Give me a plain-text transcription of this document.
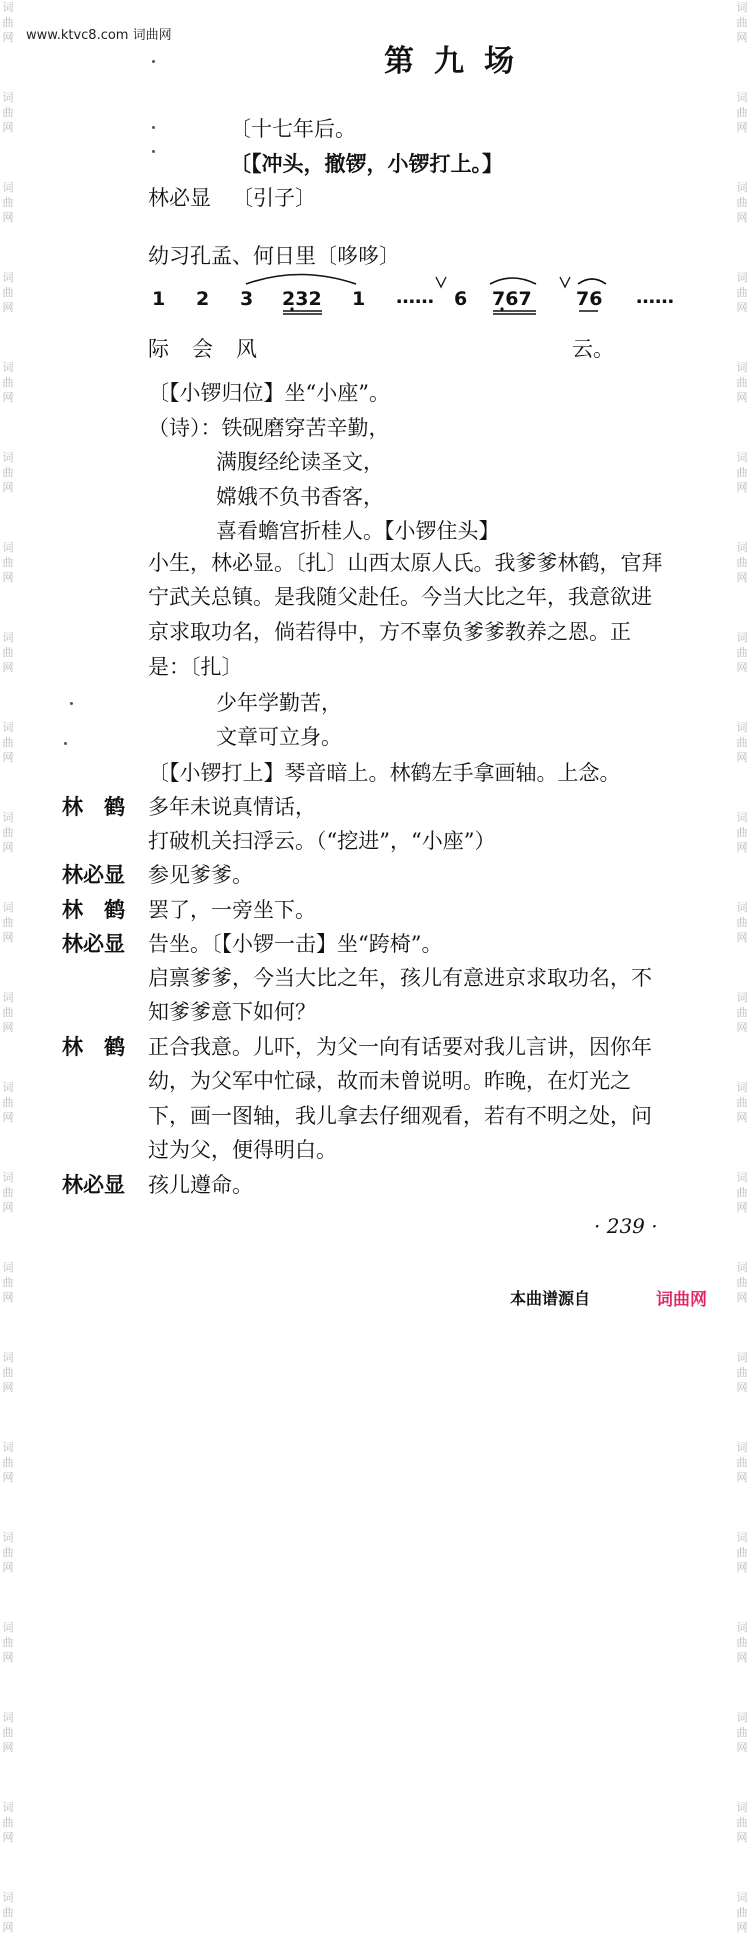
词
曲
网

词
曲
网

词
曲
网

词
曲
网

词
曲
网

词
曲
网

词
曲
网

词
曲
网

词
曲
网

词
曲
网

词
曲
网

词
曲
网

词
曲
网

词
曲
网

词
曲
网

词
曲
网

词
曲
网

词
曲
网

词
曲
网

词
曲
网

词
曲
网

词
曲
网
词
曲
网

词
曲
网

词
曲
网

词
曲
网

词
曲
网

词
曲
网

词
曲
网

词
曲
网

词
曲
网

词
曲
网

词
曲
网

词
曲
网

词
曲
网

词
曲
网

词
曲
网

词
曲
网

词
曲
网

词
曲
网

词
曲
网

词
曲
网

词
曲
网

词
曲
网
www.ktvc8.com 词曲网
第九场
〔十七年后。
〔【冲头，撤锣，小锣打上。】
林必显 〔引子〕
幼习孔孟、何日里〔哆哆〕
1 2 3 232 1 …… 6 767 76 ……
际 会 风	云。
〔【小锣归位】坐“小座”。
（诗）：铁砚磨穿苦辛勤，
满腹经纶读圣文，
嫦娥不负书香客，
喜看蟾宫折桂人。【小锣住头】
小生，林必显。〔扎〕山西太原人氏。我爹爹林鹤，官拜
宁武关总镇。是我随父赴任。今当大比之年，我意欲进
京求取功名，倘若得中，方不辜负爹爹教养之恩。正
是：〔扎〕
少年学勤苦，
文章可立身。
〔【小锣打上】琴音暗上。林鹤左手拿画轴。上念。
林　鹤 多年未说真情话，
打破机关扫浮云。（“挖进”，“小座”）
林必显 参见爹爹。
林　鹤 罢了，一旁坐下。
林必显 告坐。〔【小锣一击】坐“跨椅”。
启禀爹爹，今当大比之年，孩儿有意进京求取功名，不
知爹爹意下如何？
林　鹤 正合我意。儿吓，为父一向有话要对我儿言讲，因你年
幼，为父军中忙碌，故而未曾说明。昨晚，在灯光之
下，画一图轴，我儿拿去仔细观看，若有不明之处，问
过为父，便得明白。
林必显 孩儿遵命。
· 239 ·
本曲谱源自	词曲网
